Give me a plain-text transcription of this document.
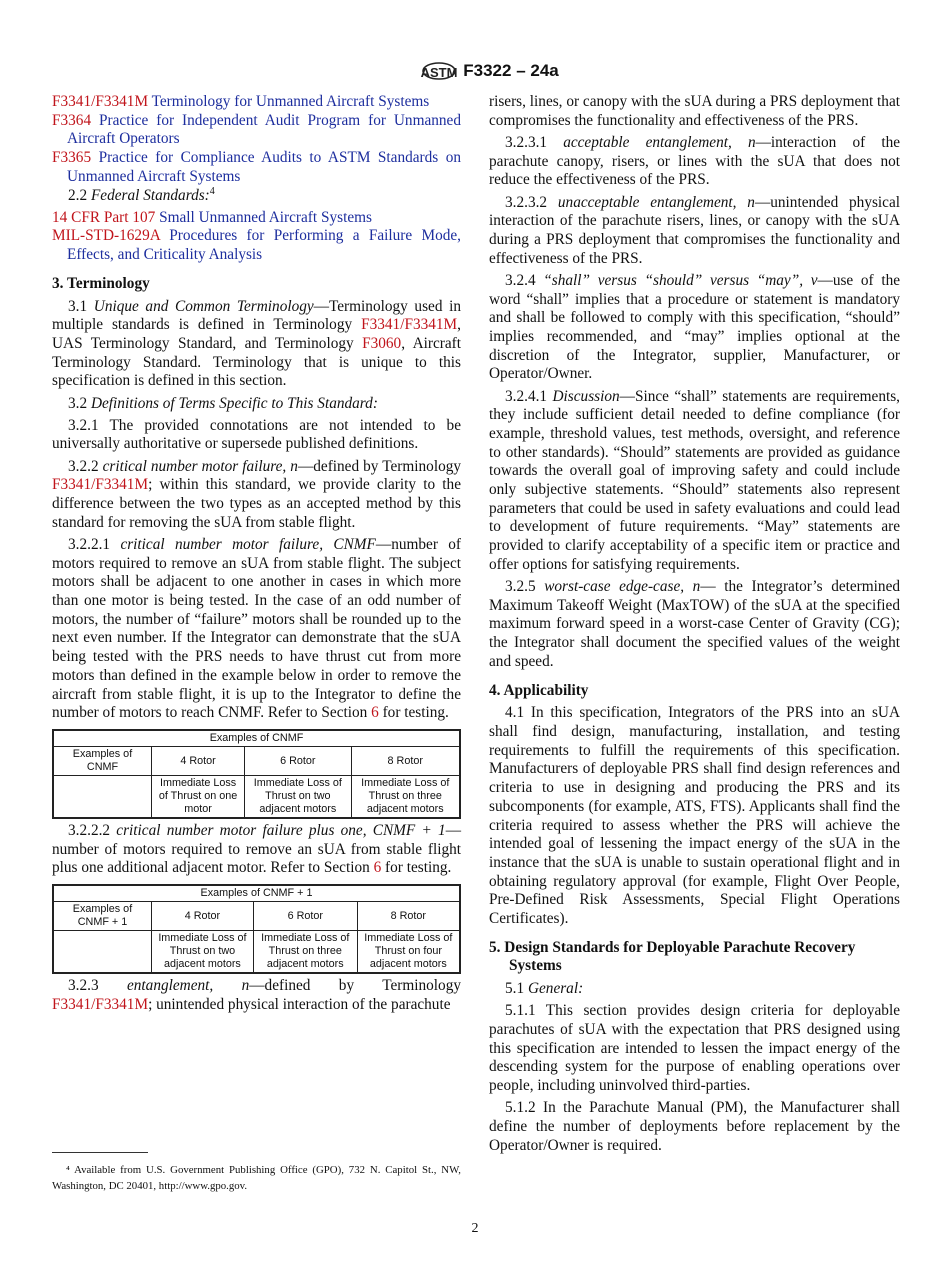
ASTM F3322 – 24a

F3341/F3341M Terminology for Unmanned Aircraft Systems

F3364 Practice for Independent Audit Program for Unmanned Aircraft Operators

F3365 Practice for Compliance Audits to ASTM Standards on Unmanned Aircraft Systems

2.2 Federal Standards:$^4$

14 CFR Part 107 Small Unmanned Aircraft Systems

MIL-STD-1629A Procedures for Performing a Failure Mode, Effects, and Criticality Analysis

3. Terminology

3.1 Unique and Common Terminology—Terminology used in multiple standards is defined in Terminology F3341/F3341M, UAS Terminology Standard, and Terminology F3060, Aircraft Terminology Standard. Terminology that is unique to this specification is defined in this section.

3.2 Definitions of Terms Specific to This Standard:

3.2.1 The provided connotations are not intended to be universally authoritative or supersede published definitions.

3.2.2 critical number motor failure, n—defined by Terminology F3341/F3341M; within this standard, we provide clarity to the difference between the two types as an accepted method by this standard for removing the sUA from stable flight.

3.2.2.1 critical number motor failure, CNMF—number of motors required to remove an sUA from stable flight. The subject motors shall be adjacent to one another in cases in which more than one motor is being tested. In the case of an odd number of motors, the number of “failure” motors shall be rounded up to the next even number. If the Integrator can demonstrate that the sUA being tested with the PRS needs to have thrust cut from more motors than defined in the example below in order to remove the aircraft from stable flight, it is up to the Integrator to define the number of motors to reach CNMF. Refer to Section 6 for testing.

Examples of CNMF			
Examples of CNMF	4 Rotor	6 Rotor	8 Rotor
	Immediate Loss of Thrust on one motor	Immediate Loss of Thrust on two adjacent motors	Immediate Loss of Thrust on three adjacent motors

3.2.2.2 critical number motor failure plus one, CNMF + 1—number of motors required to remove an sUA from stable flight plus one additional adjacent motor. Refer to Section 6 for testing.

Examples of CNMF + 1			
Examples of CNMF + 1	4 Rotor	6 Rotor	8 Rotor
	Immediate Loss of Thrust on two adjacent motors	Immediate Loss of Thrust on three adjacent motors	Immediate Loss of Thrust on four adjacent motors

3.2.3 entanglement, n—defined by Terminology F3341/F3341M; unintended physical interaction of the parachute

risers, lines, or canopy with the sUA during a PRS deployment that compromises the functionality and effectiveness of the PRS.

3.2.3.1 acceptable entanglement, n—interaction of the parachute canopy, risers, or lines with the sUA that does not reduce the effectiveness of the PRS.

3.2.3.2 unacceptable entanglement, n—unintended physical interaction of the parachute risers, lines, or canopy with the sUA during a PRS deployment that compromises the functionality and effectiveness of the PRS.

3.2.4 “shall” versus “should” versus “may”, v—use of the word “shall” implies that a procedure or statement is mandatory and shall be followed to comply with this specification, “should” implies recommended, and “may” implies optional at the discretion of the Integrator, supplier, Manufacturer, or Operator/Owner.

3.2.4.1 Discussion—Since “shall” statements are requirements, they include sufficient detail needed to define compliance (for example, threshold values, test methods, oversight, and reference to other standards). “Should” statements are provided as guidance towards the overall goal of improving safety and could include only subjective statements. “Should” statements also represent parameters that could be used in safety evaluations and could lead to development of future requirements. “May” statements are provided to clarify acceptability of a specific item or practice and offer options for satisfying requirements.

3.2.5 worst-case edge-case, n— the Integrator’s determined Maximum Takeoff Weight (MaxTOW) of the sUA at the specified maximum forward speed in a worst-case Center of Gravity (CG); the Integrator shall document the specified values of the weight and speed.

4. Applicability

4.1 In this specification, Integrators of the PRS into an sUA shall find design, manufacturing, installation, and testing requirements to fulfill the requirements of this specification. Manufacturers of deployable PRS shall find design references and criteria to use in designing and producing the PRS and its subcomponents (for example, ATS, FTS). Applicants shall find the criteria required to assess whether the PRS will achieve the intended goal of lessening the impact energy of the sUA in the instance that the sUA is unable to sustain operational flight and in obtaining regulatory approval (for example, Flight Over People, Pre-Defined Risk Assessments, Special Flight Operations Certificates).

5. Design Standards for Deployable Parachute Recovery Systems

5.1 General:

5.1.1 This section provides design criteria for deployable parachutes of sUA with the expectation that PRS designed using this specification are intended to lessen the impact energy of the descending system for the purpose of enabling operations over people, including uninvolved third-parties.

5.1.2 In the Parachute Manual (PM), the Manufacturer shall define the number of deployments before replacement by the Operator/Owner is required.

⁴ Available from U.S. Government Publishing Office (GPO), 732 N. Capitol St., NW, Washington, DC 20401, http://www.gpo.gov.
2
